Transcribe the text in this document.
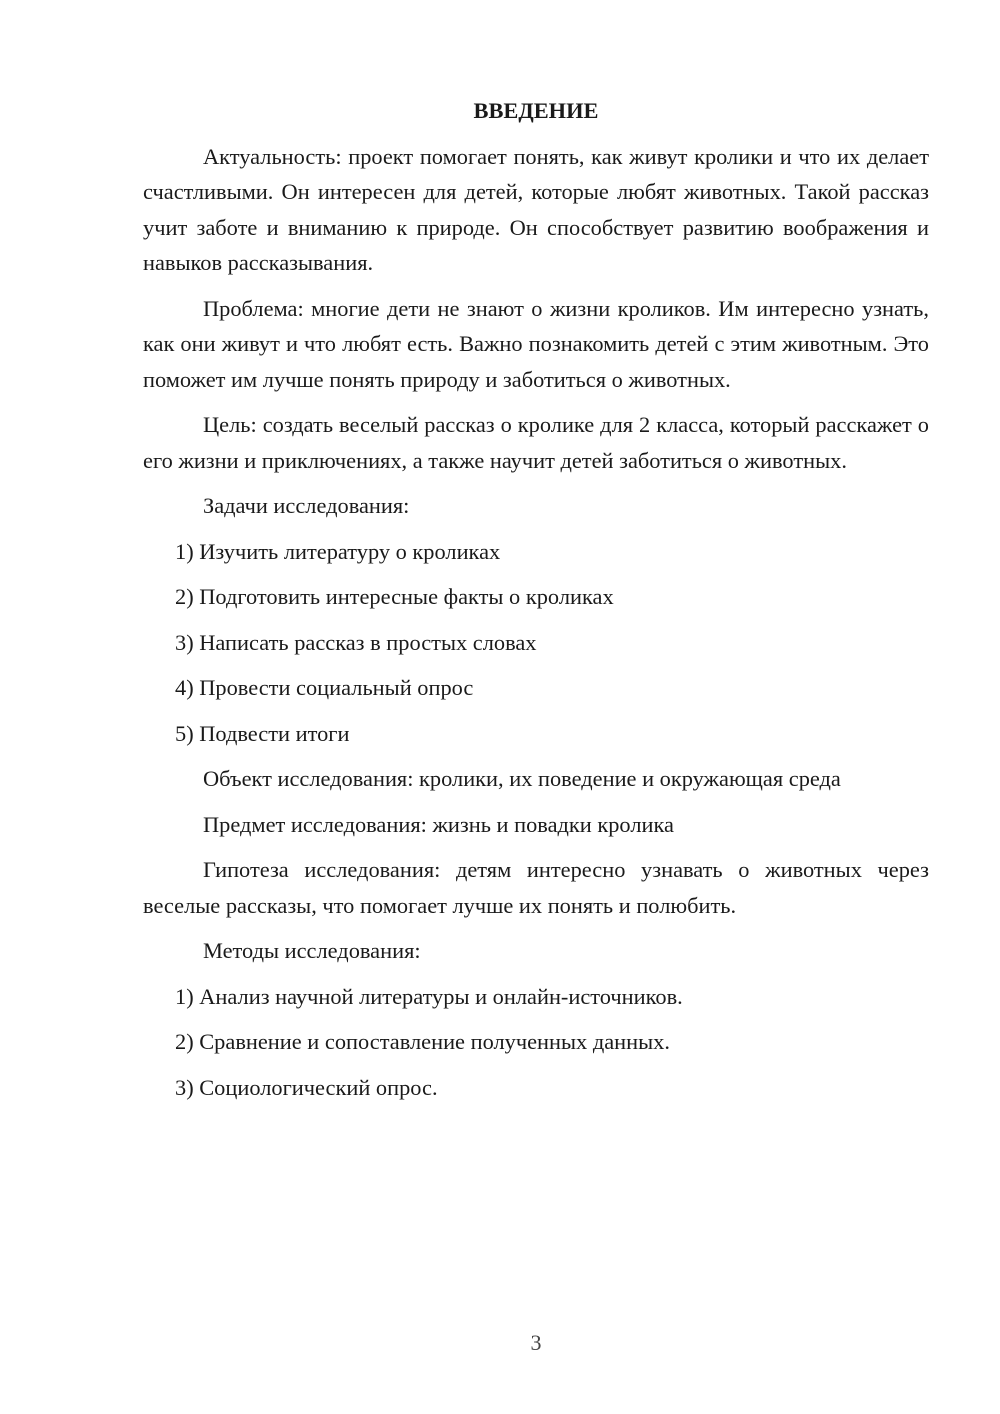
ВВЕДЕНИЕ

Актуальность: проект помогает понять, как живут кролики и что их делает счастливыми. Он интересен для детей, которые любят животных. Такой рассказ учит заботе и вниманию к природе. Он способствует развитию воображения и навыков рассказывания.

Проблема: многие дети не знают о жизни кроликов. Им интересно узнать, как они живут и что любят есть. Важно познакомить детей с этим животным. Это поможет им лучше понять природу и заботиться о животных.

Цель: создать веселый рассказ о кролике для 2 класса, который расскажет о его жизни и приключениях, а также научит детей заботиться о животных.

Задачи исследования:

1) Изучить литературу о кроликах

2) Подготовить интересные факты о кроликах

3) Написать рассказ в простых словах

4) Провести социальный опрос

5) Подвести итоги

Объект исследования: кролики, их поведение и окружающая среда

Предмет исследования: жизнь и повадки кролика

Гипотеза исследования: детям интересно узнавать о животных через веселые рассказы, что помогает лучше их понять и полюбить.

Методы исследования:

1) Анализ научной литературы и онлайн-источников.

2) Сравнение и сопоставление полученных данных.

3) Социологический опрос.

3
